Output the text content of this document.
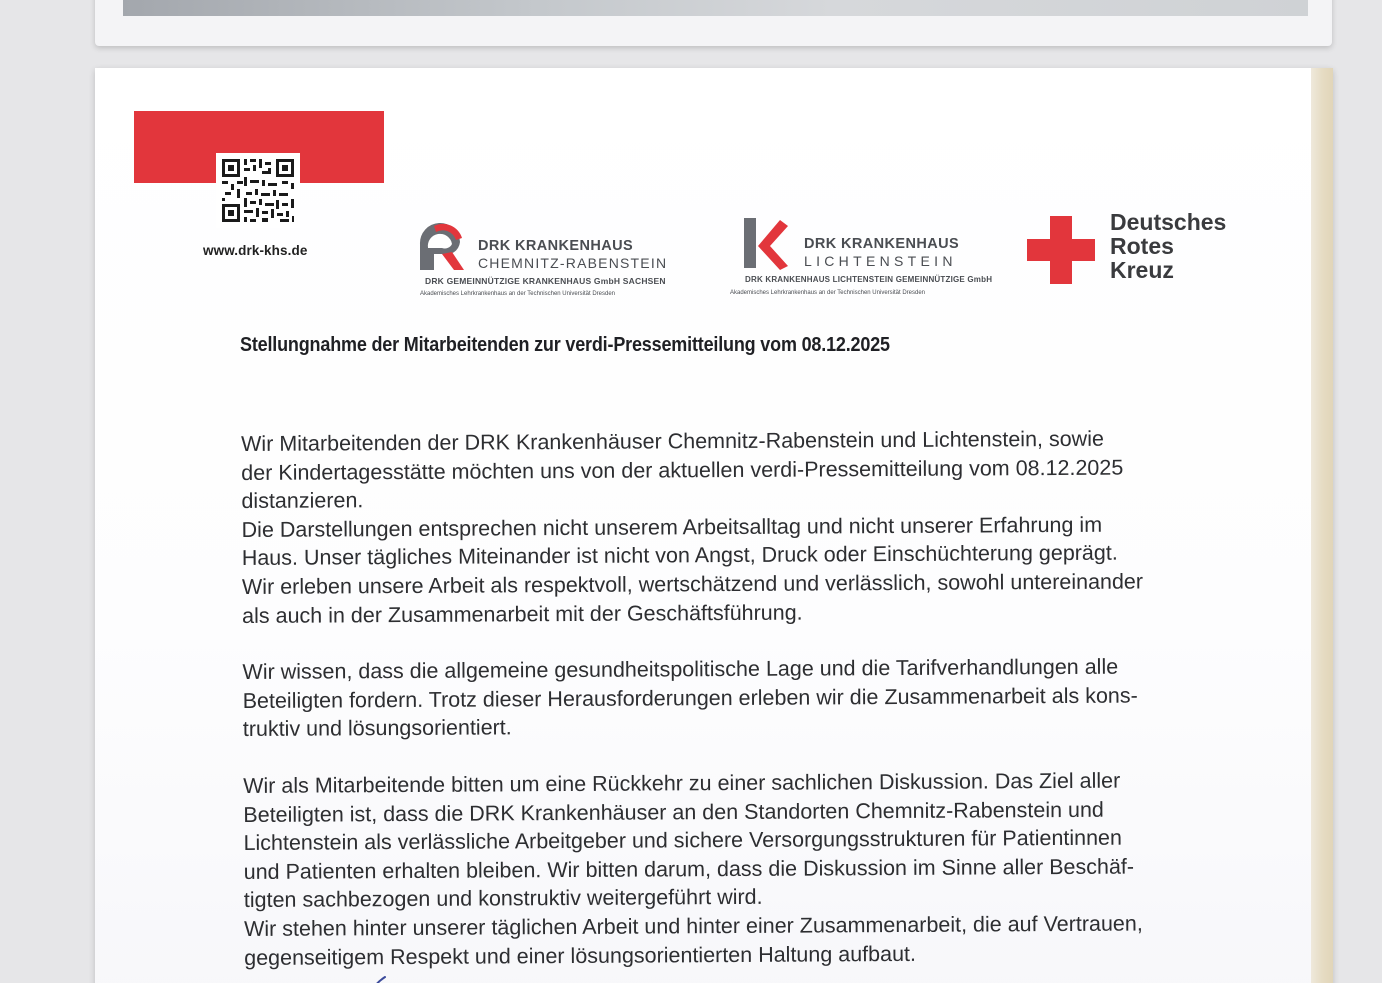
www.drk-khs.de	DRK KRANKENHAUS
CHEMNITZ-RABENSTEIN
DRK GEMEINNÜTZIGE KRANKENHAUS GmbH SACHSEN
Akademisches Lehrkrankenhaus an der Technischen Universität Dresden
DRK KRANKENHAUS
LICHTENSTEIN
DRK KRANKENHAUS LICHTENSTEIN GEMEINNÜTZIGE GmbH
Akademisches Lehrkrankenhaus an der Technischen Universität Dresden
Deutsches
Rotes
Kreuz
Stellungnahme der Mitarbeitenden zur verdi-Pressemitteilung vom 08.12.2025

Wir Mitarbeitenden der DRK Krankenhäuser Chemnitz-Rabenstein und Lichtenstein, sowie
der Kindertagesstätte möchten uns von der aktuellen verdi-Pressemitteilung vom 08.12.2025
distanzieren.
Die Darstellungen entsprechen nicht unserem Arbeitsalltag und nicht unserer Erfahrung im
Haus. Unser tägliches Miteinander ist nicht von Angst, Druck oder Einschüchterung geprägt.
Wir erleben unsere Arbeit als respektvoll, wertschätzend und verlässlich, sowohl untereinander
als auch in der Zusammenarbeit mit der Geschäftsführung.

Wir wissen, dass die allgemeine gesundheitspolitische Lage und die Tarifverhandlungen alle
Beteiligten fordern. Trotz dieser Herausforderungen erleben wir die Zusammenarbeit als kons-
truktiv und lösungsorientiert.

Wir als Mitarbeitende bitten um eine Rückkehr zu einer sachlichen Diskussion. Das Ziel aller
Beteiligten ist, dass die DRK Krankenhäuser an den Standorten Chemnitz-Rabenstein und
Lichtenstein als verlässliche Arbeitgeber und sichere Versorgungsstrukturen für Patientinnen
und Patienten erhalten bleiben. Wir bitten darum, dass die Diskussion im Sinne aller Beschäf-
tigten sachbezogen und konstruktiv weitergeführt wird.
Wir stehen hinter unserer täglichen Arbeit und hinter einer Zusammenarbeit, die auf Vertrauen,
gegenseitigem Respekt und einer lösungsorientierten Haltung aufbaut.
